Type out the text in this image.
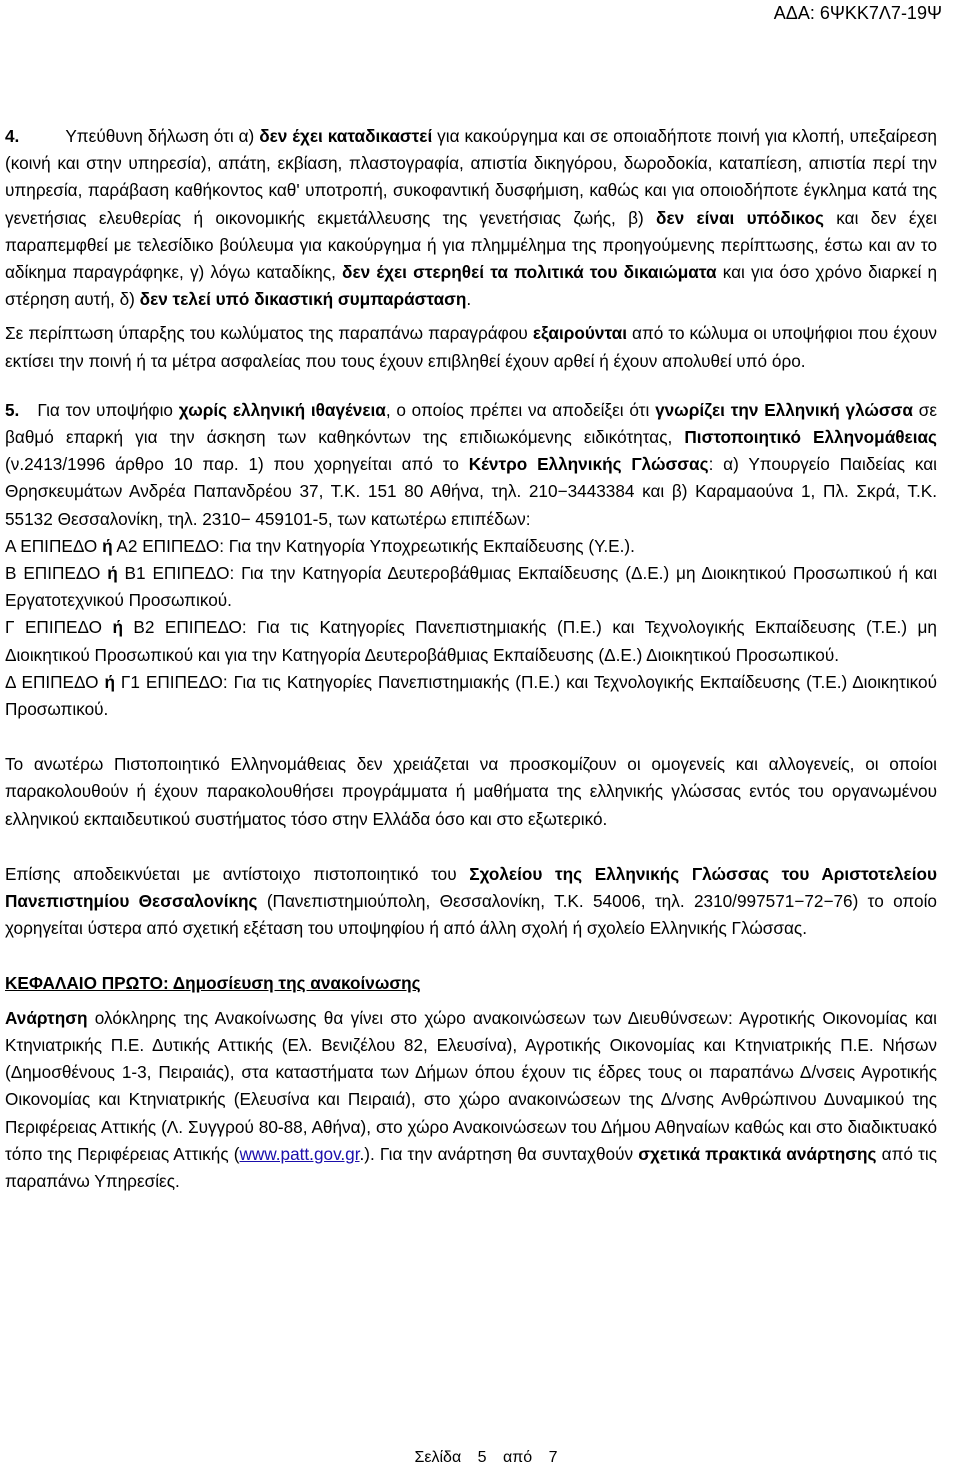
ΑΔΑ: 6ΨΚΚ7Λ7-19Ψ

4.	Υπεύθυνη δήλωση ότι α) δεν έχει καταδικαστεί για κακούργημα και σε οποιαδήποτε ποινή για κλοπή, υπεξαίρεση (κοινή και στην υπηρεσία), απάτη, εκβίαση, πλαστογραφία, απιστία δικηγόρου, δωροδοκία, καταπίεση, απιστία περί την υπηρεσία, παράβαση καθήκοντος καθ' υποτροπή, συκοφαντική δυσφήμιση, καθώς και για οποιοδήποτε έγκλημα κατά της γενετήσιας ελευθερίας ή οικονομικής εκμετάλλευσης της γενετήσιας ζωής, β) δεν είναι υπόδικος και δεν έχει παραπεμφθεί με τελεσίδικο βούλευμα για κακούργημα ή για πλημμέλημα της προηγούμενης περίπτωσης, έστω και αν το αδίκημα παραγράφηκε, γ) λόγω καταδίκης, δεν έχει στερηθεί τα πολιτικά του δικαιώματα και για όσο χρόνο διαρκεί η στέρηση αυτή, δ) δεν τελεί υπό δικαστική συμπαράσταση.

Σε περίπτωση ύπαρξης του κωλύματος της παραπάνω παραγράφου εξαιρούνται από το κώλυμα οι υποψήφιοι που έχουν εκτίσει την ποινή ή τα μέτρα ασφαλείας που τους έχουν επιβληθεί έχουν αρθεί ή έχουν απολυθεί υπό όρο.

5. Για τον υποψήφιο χωρίς ελληνική ιθαγένεια, ο οποίος πρέπει να αποδείξει ότι γνωρίζει την Ελληνική γλώσσα σε βαθμό επαρκή για την άσκηση των καθηκόντων της επιδιωκόμενης ειδικότητας, Πιστοποιητικό Ελληνομάθειας (ν.2413/1996 άρθρο 10 παρ. 1) που χορηγείται από το Κέντρο Ελληνικής Γλώσσας: α) Υπουργείο Παιδείας και Θρησκευμάτων Ανδρέα Παπανδρέου 37, Τ.Κ. 151 80 Αθήνα, τηλ. 210−3443384 και β) Καραμαούνα 1, Πλ. Σκρά, Τ.Κ. 55132 Θεσσαλονίκη, τηλ. 2310− 459101-5, των κατωτέρω επιπέδων:

Α ΕΠΙΠΕΔΟ ή Α2 ΕΠΙΠΕΔΟ: Για την Κατηγορία Υποχρεωτικής Εκπαίδευσης (Υ.Ε.).

Β ΕΠΙΠΕΔΟ ή Β1 ΕΠΙΠΕΔΟ: Για την Κατηγορία Δευτεροβάθμιας Εκπαίδευσης (Δ.Ε.) μη Διοικητικού Προσωπικού ή και Εργατοτεχνικού Προσωπικού.

Γ ΕΠΙΠΕΔΟ ή Β2 ΕΠΙΠΕΔΟ: Για τις Κατηγορίες Πανεπιστημιακής (Π.Ε.) και Τεχνολογικής Εκπαίδευσης (Τ.Ε.) μη Διοικητικού Προσωπικού και για την Κατηγορία Δευτεροβάθμιας Εκπαίδευσης (Δ.Ε.) Διοικητικού Προσωπικού.

Δ ΕΠΙΠΕΔΟ ή Γ1 ΕΠΙΠΕΔΟ: Για τις Κατηγορίες Πανεπιστημιακής (Π.Ε.) και Τεχνολογικής Εκπαίδευσης (Τ.Ε.) Διοικητικού Προσωπικού.

Το ανωτέρω Πιστοποιητικό Ελληνομάθειας δεν χρειάζεται να προσκομίζουν οι ομογενείς και αλλογενείς, οι οποίοι παρακολουθούν ή έχουν παρακολουθήσει προγράμματα ή μαθήματα της ελληνικής γλώσσας εντός του οργανωμένου ελληνικού εκπαιδευτικού συστήματος τόσο στην Ελλάδα όσο και στο εξωτερικό.

Επίσης αποδεικνύεται με αντίστοιχο πιστοποιητικό του Σχολείου της Ελληνικής Γλώσσας του Αριστοτελείου Πανεπιστημίου Θεσσαλονίκης (Πανεπιστημιούπολη, Θεσσαλονίκη, Τ.Κ. 54006, τηλ. 2310/997571−72−76) το οποίο χορηγείται ύστερα από σχετική εξέταση του υποψηφίου ή από άλλη σχολή ή σχολείο Ελληνικής Γλώσσας.

ΚΕΦΑΛΑΙΟ ΠΡΩΤΟ: Δημοσίευση της ανακοίνωσης

Ανάρτηση ολόκληρης της Ανακοίνωσης θα γίνει στο χώρο ανακοινώσεων των Διευθύνσεων: Αγροτικής Οικονομίας και Κτηνιατρικής Π.Ε. Δυτικής Αττικής (Ελ. Βενιζέλου 82, Ελευσίνα), Αγροτικής Οικονομίας και Κτηνιατρικής Π.Ε. Νήσων (Δημοσθένους 1-3, Πειραιάς), στα καταστήματα των Δήμων όπου έχουν τις έδρες τους οι παραπάνω Δ/νσεις Αγροτικής Οικονομίας και Κτηνιατρικής (Ελευσίνα και Πειραιά), στο χώρο ανακοινώσεων της Δ/νσης Ανθρώπινου Δυναμικού της Περιφέρειας Αττικής (Λ. Συγγρού 80-88, Αθήνα), στο χώρο Ανακοινώσεων του Δήμου Αθηναίων καθώς και στο διαδικτυακό τόπο της Περιφέρειας Αττικής (www.patt.gov.gr.). Για την ανάρτηση θα συνταχθούν σχετικά πρακτικά ανάρτησης από τις παραπάνω Υπηρεσίες.

Σελίδα 5 από 7
